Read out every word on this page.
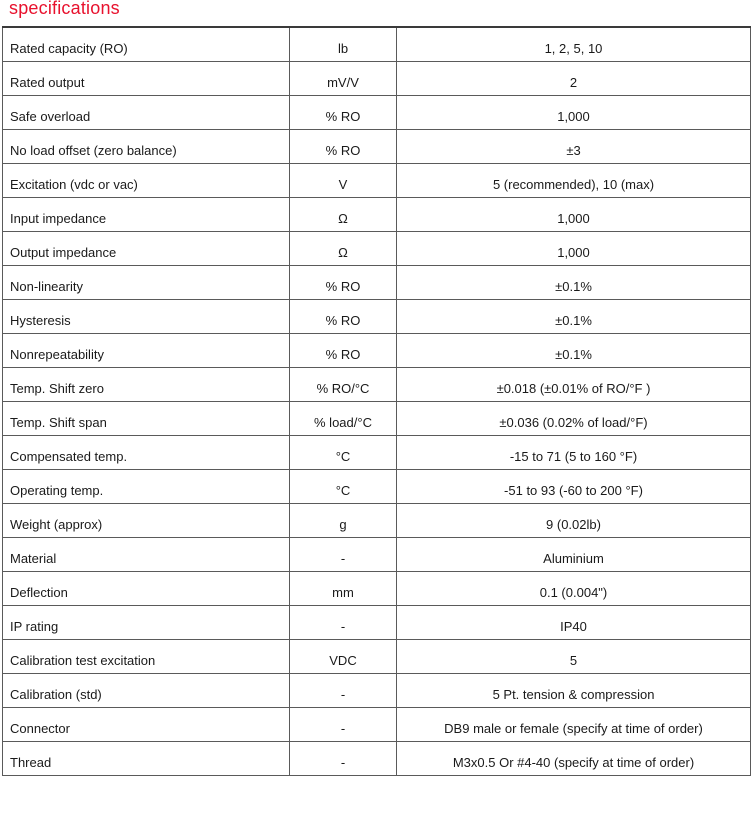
specifications
Rated capacity (RO)	lb	1, 2, 5, 10
Rated output	mV/V	2
Safe overload	% RO	1,000
No load offset (zero balance)	% RO	±3
Excitation (vdc or vac)	V	5 (recommended), 10 (max)
Input impedance	Ω	1,000
Output impedance	Ω	1,000
Non-linearity	% RO	±0.1%
Hysteresis	% RO	±0.1%
Nonrepeatability	% RO	±0.1%
Temp. Shift zero	% RO/°C	±0.018 (±0.01% of RO/°F )
Temp. Shift span	% load/°C	±0.036 (0.02% of load/°F)
Compensated temp.	°C	-15 to 71 (5 to 160 °F)
Operating temp.	°C	-51 to 93 (-60 to 200 °F)
Weight (approx)	g	9 (0.02lb)
Material	-	Aluminium
Deflection	mm	0.1 (0.004")
IP rating	-	IP40
Calibration test excitation	VDC	5
Calibration (std)	-	5 Pt. tension & compression
Connector	-	DB9 male or female (specify at time of order)
Thread	-	M3x0.5 Or #4-40 (specify at time of order)
